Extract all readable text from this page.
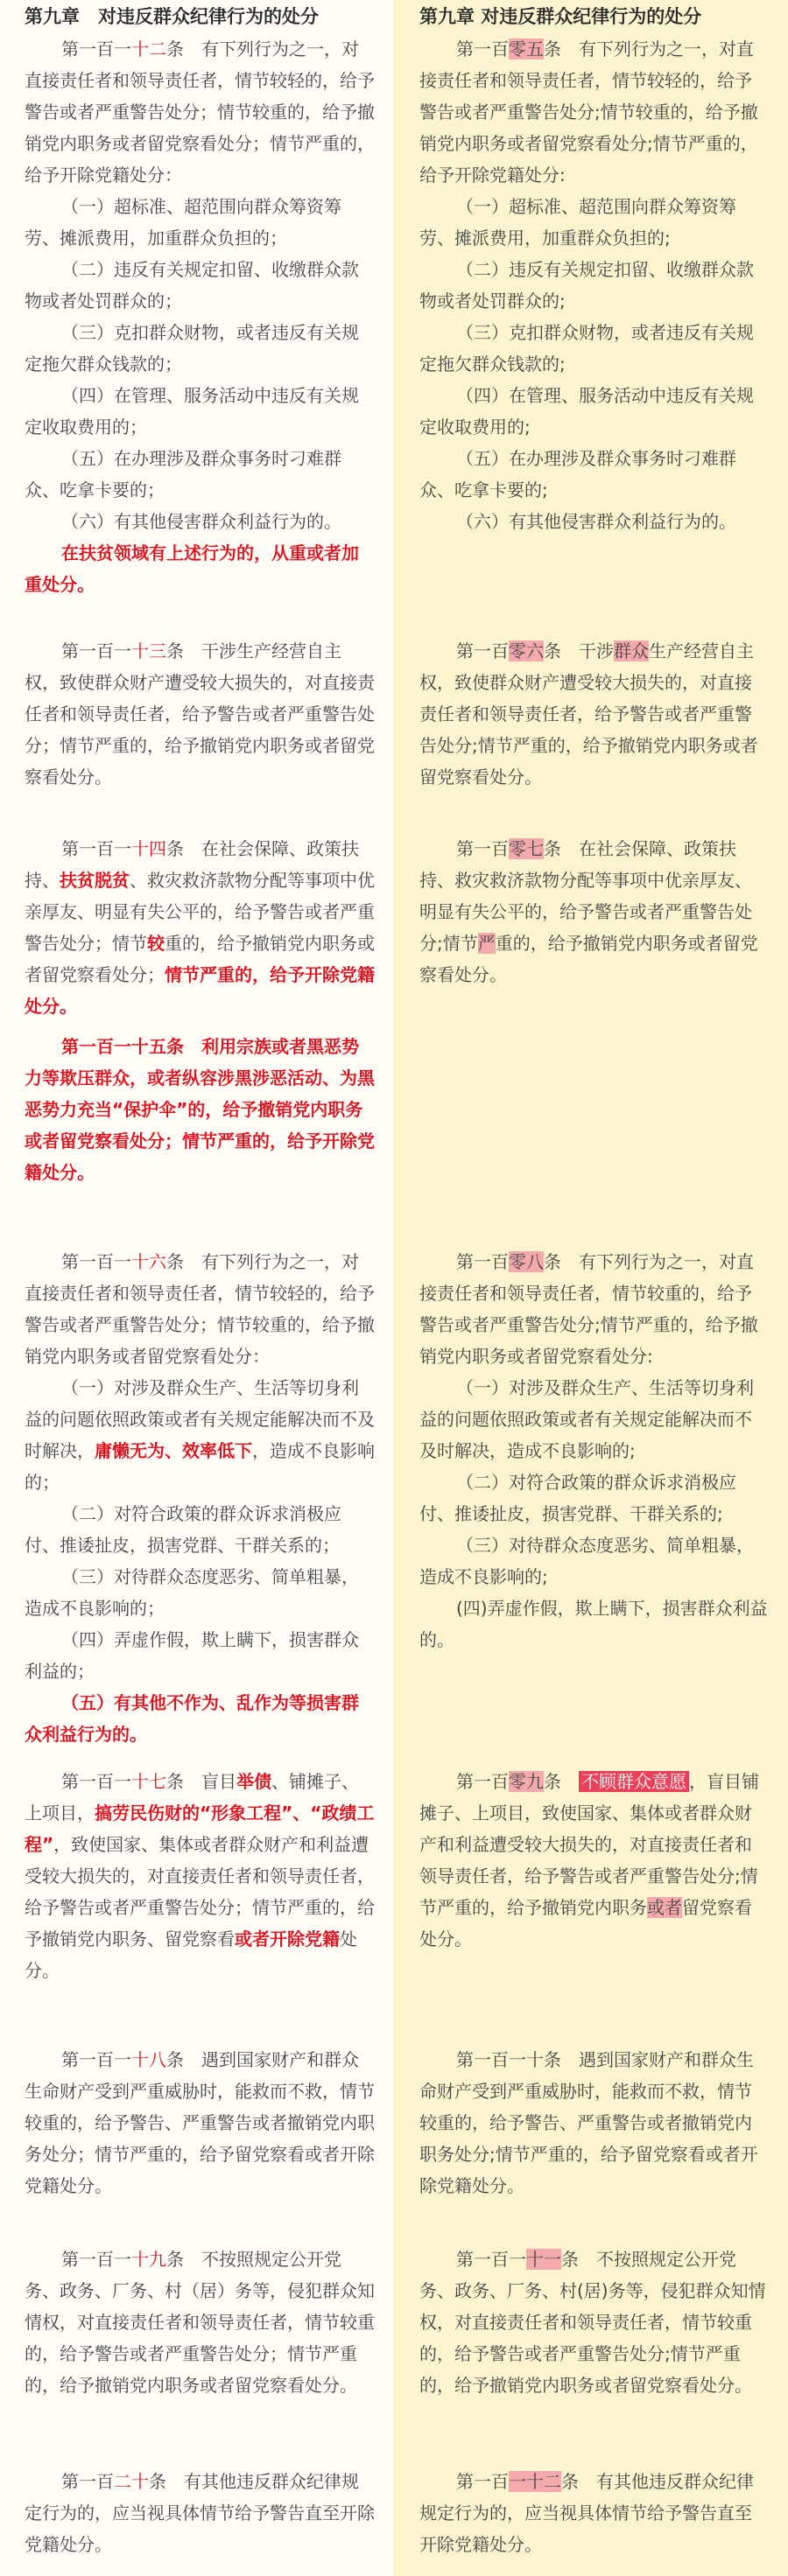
第九章　对违反群众纪律行为的处分

第一百一十二条　有下列行为之一，对直接责任者和领导责任者，情节较轻的，给予警告或者严重警告处分；情节较重的，给予撤销党内职务或者留党察看处分；情节严重的，给予开除党籍处分：

（一）超标准、超范围向群众筹资筹劳、摊派费用，加重群众负担的；

（二）违反有关规定扣留、收缴群众款物或者处罚群众的；

（三）克扣群众财物，或者违反有关规定拖欠群众钱款的；

（四）在管理、服务活动中违反有关规定收取费用的；

（五）在办理涉及群众事务时刁难群众、吃拿卡要的；

（六）有其他侵害群众利益行为的。

在扶贫领域有上述行为的，从重或者加重处分。

第一百一十三条　干涉生产经营自主权，致使群众财产遭受较大损失的，对直接责任者和领导责任者，给予警告或者严重警告处分；情节严重的，给予撤销党内职务或者留党察看处分。

第一百一十四条　在社会保障、政策扶持、扶贫脱贫、救灾救济款物分配等事项中优亲厚友、明显有失公平的，给予警告或者严重警告处分；情节较重的，给予撤销党内职务或者留党察看处分；情节严重的，给予开除党籍处分。

第一百一十五条　利用宗族或者黑恶势力等欺压群众，或者纵容涉黑涉恶活动、为黑恶势力充当“保护伞”的，给予撤销党内职务或者留党察看处分；情节严重的，给予开除党籍处分。

第一百一十六条　有下列行为之一，对直接责任者和领导责任者，情节较轻的，给予警告或者严重警告处分；情节较重的，给予撤销党内职务或者留党察看处分：

（一）对涉及群众生产、生活等切身利益的问题依照政策或者有关规定能解决而不及时解决，庸懒无为、效率低下，造成不良影响的；

（二）对符合政策的群众诉求消极应付、推诿扯皮，损害党群、干群关系的；

（三）对待群众态度恶劣、简单粗暴，造成不良影响的；

（四）弄虚作假，欺上瞒下，损害群众利益的；

（五）有其他不作为、乱作为等损害群众利益行为的。

第一百一十七条　盲目举债、铺摊子、上项目，搞劳民伤财的“形象工程”、“政绩工程”，致使国家、集体或者群众财产和利益遭受较大损失的，对直接责任者和领导责任者，给予警告或者严重警告处分；情节严重的，给予撤销党内职务、留党察看或者开除党籍处分。

第一百一十八条　遇到国家财产和群众生命财产受到严重威胁时，能救而不救，情节较重的，给予警告、严重警告或者撤销党内职务处分；情节严重的，给予留党察看或者开除党籍处分。

第一百一十九条　不按照规定公开党务、政务、厂务、村（居）务等，侵犯群众知情权，对直接责任者和领导责任者，情节较重的，给予警告或者严重警告处分；情节严重的，给予撤销党内职务或者留党察看处分。

第一百二十条　有其他违反群众纪律规定行为的，应当视具体情节给予警告直至开除党籍处分。

第九章 对违反群众纪律行为的处分

第一百零五条　有下列行为之一，对直接责任者和领导责任者，情节较轻的，给予警告或者严重警告处分;情节较重的，给予撤销党内职务或者留党察看处分;情节严重的，给予开除党籍处分:

（一）超标准、超范围向群众筹资筹劳、摊派费用，加重群众负担的;

（二）违反有关规定扣留、收缴群众款物或者处罚群众的;

（三）克扣群众财物，或者违反有关规定拖欠群众钱款的;

（四）在管理、服务活动中违反有关规定收取费用的;

（五）在办理涉及群众事务时刁难群众、吃拿卡要的;

（六）有其他侵害群众利益行为的。

第一百零六条　干涉群众生产经营自主权，致使群众财产遭受较大损失的，对直接责任者和领导责任者，给予警告或者严重警告处分;情节严重的，给予撤销党内职务或者留党察看处分。

第一百零七条　在社会保障、政策扶持、救灾救济款物分配等事项中优亲厚友、明显有失公平的，给予警告或者严重警告处分;情节严重的，给予撤销党内职务或者留党察看处分。

第一百零八条　有下列行为之一，对直接责任者和领导责任者，情节较重的，给予警告或者严重警告处分;情节严重的，给予撤销党内职务或者留党察看处分:

（一）对涉及群众生产、生活等切身利益的问题依照政策或者有关规定能解决而不及时解决，造成不良影响的;

（二）对符合政策的群众诉求消极应付、推诿扯皮，损害党群、干群关系的;

（三）对待群众态度恶劣、简单粗暴，造成不良影响的;

(四)弄虚作假，欺上瞒下，损害群众利益的。

第一百零九条　不顾群众意愿 ，盲目铺摊子、上项目，致使国家、集体或者群众财产和利益遭受较大损失的，对直接责任者和领导责任者，给予警告或者严重警告处分;情节严重的，给予撤销党内职务或者留党察看处分。

第一百一十条　遇到国家财产和群众生命财产受到严重威胁时，能救而不救，情节较重的，给予警告、严重警告或者撤销党内职务处分;情节严重的，给予留党察看或者开除党籍处分。

第一百一十一条　不按照规定公开党务、政务、厂务、村(居)务等，侵犯群众知情权，对直接责任者和领导责任者，情节较重的，给予警告或者严重警告处分;情节严重的，给予撤销党内职务或者留党察看处分。

第一百一十二条　有其他违反群众纪律规定行为的，应当视具体情节给予警告直至开除党籍处分。
